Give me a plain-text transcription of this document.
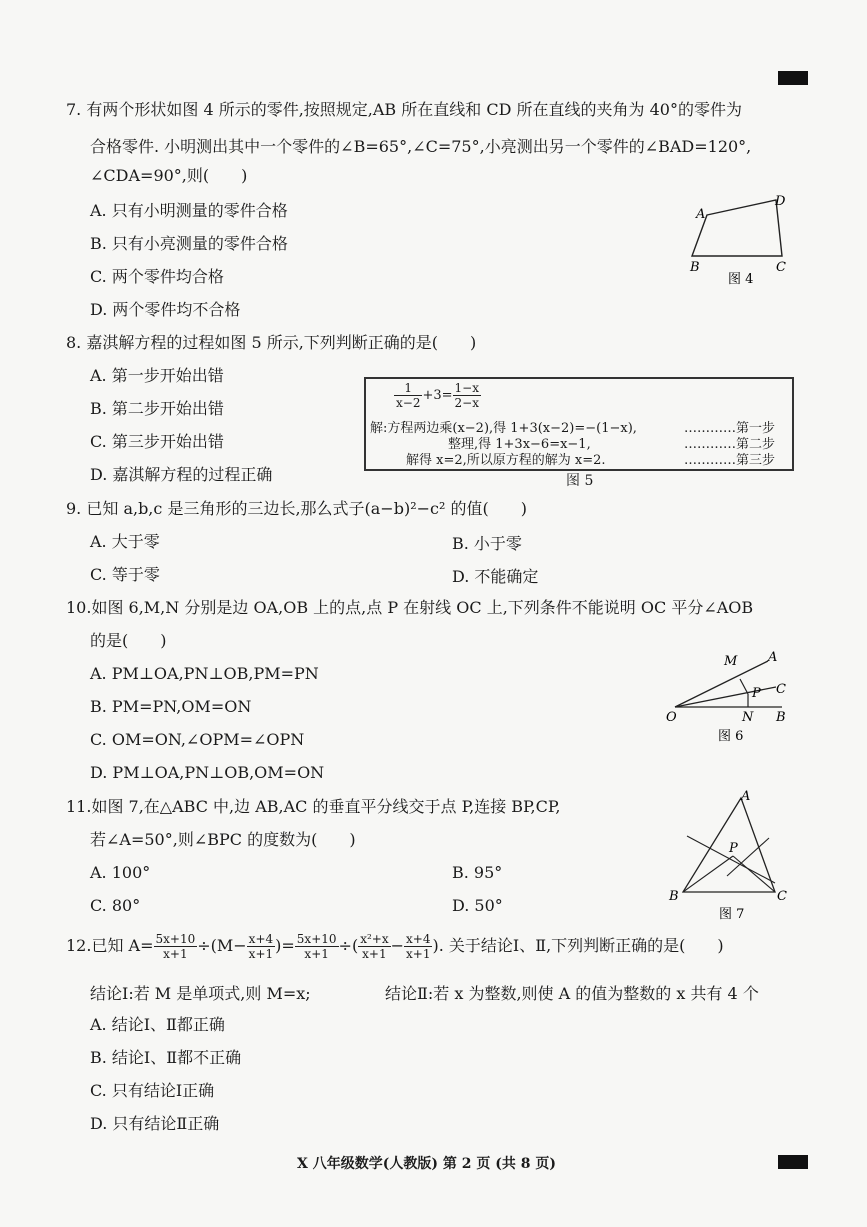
7. 有两个形状如图 4 所示的零件,按照规定,AB 所在直线和 CD 所在直线的夹角为 40°的零件为
合格零件. 小明测出其中一个零件的∠B=65°,∠C=75°,小亮测出另一个零件的∠BAD=120°,
∠CDA=90°,则(　　)
A. 只有小明测量的零件合格
B. 只有小亮测量的零件合格
C. 两个零件均合格
D. 两个零件均不合格
A
D
B	C
图 4
8. 嘉淇解方程的过程如图 5 所示,下列判断正确的是(　　)
A. 第一步开始出错
B. 第二步开始出错
C. 第三步开始出错
D. 嘉淇解方程的过程正确
$\frac{1}{x-2} +3= \frac{1-x}{2-x}$
解:方程两边乘(x−2),得 1+3(x−2)=−(1−x),	…………第一步
整理,得 1+3x−6=x−1,	…………第二步
解得 x=2,所以原方程的解为 x=2.	…………第三步
图 5
9. 已知 a,b,c 是三角形的三边长,那么式子(a−b)²−c² 的值(　　)
A. 大于零	B. 小于零
C. 等于零	D. 不能确定
10.如图 6,M,N 分别是边 OA,OB 上的点,点 P 在射线 OC 上,下列条件不能说明 OC 平分∠AOB
的是(　　)
A. PM⊥OA,PN⊥OB,PM=PN
B. PM=PN,OM=ON
C. OM=ON,∠OPM=∠OPN
D. PM⊥OA,PN⊥OB,OM=ON
M A
P C
O	N B
图 6
11.如图 7,在△ABC 中,边 AB,AC 的垂直平分线交于点 P,连接 BP,CP,
若∠A=50°,则∠BPC 的度数为(　　)
A. 100°	B. 95°
C. 80°	D. 50°
A
P
B	C
图 7
12.已知 $A= \frac{5x+10}{x+1} \div(M- \frac{x+4}{x+1}$ )= $\frac{5x+10}{x+1}$ ÷( $\frac{\text{x²+x}}{x+1} - \frac{x+4}{x+1}$ ). 关于结论Ⅰ、Ⅱ,下列判断正确的是(　　)
结论Ⅰ:若 M 是单项式,则 M=x;	结论Ⅱ:若 x 为整数,则使 A 的值为整数的 x 共有 4 个
A. 结论Ⅰ、Ⅱ都正确
B. 结论Ⅰ、Ⅱ都不正确
C. 只有结论Ⅰ正确
D. 只有结论Ⅱ正确
X 八年级数学(人教版) 第 2 页 (共 8 页)
